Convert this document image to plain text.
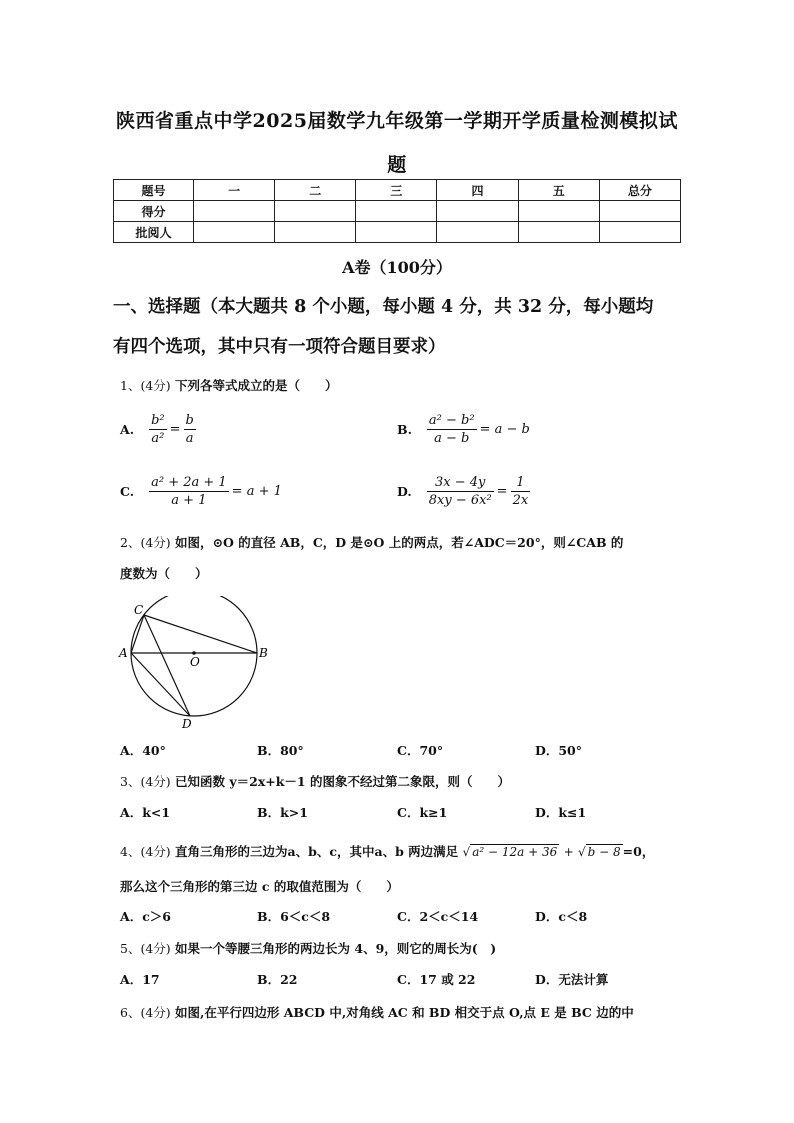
陕西省重点中学2025届数学九年级第一学期开学质量检测模拟试
题
题号	一	二	三	四	五	总分
得分						
批阅人						
A卷（100分）
一、选择题（本大题共 8 个小题，每小题 4 分，共 32 分，每小题均
有四个选项，其中只有一项符合题目要求）
1、(4分) 下列各等式成立的是（　　）
A. $\frac{\text{b²}}{\text{a²}} = \frac{b}{a}$	B. $\frac{\text{a² − b²}}{a - b} = a - b$
C. $\frac{\text{a² + 2a + 1}}{a + 1} = a + 1$	D. $\frac{3x - 4y}{\text{8xy − 6x²}} = \frac{1}{2x}$
2、(4分) 如图，⊙O 的直径 AB，C，D 是⊙O 上的两点，若∠ADC＝20°，则∠CAB 的
度数为（　　）
C
A
O
B
D
A．40°	B．80°	C．70°	D．50°
3、(4分) 已知函数 y＝2x+k－1 的图象不经过第二象限，则（　　）
A．k<1	B．k>1	C．k≥1	D．k≤1
4、(4分) 直角三角形的三边为a、b、c，其中a、b 两边满足 √ a² − 12a + 36 + √ b − 8 =0，
那么这个三角形的第三边 c 的取值范围为（　　）
A．c＞6	B．6＜c＜8	C．2＜c＜14	D．c＜8
5、(4分) 如果一个等腰三角形的两边长为 4、9，则它的周长为(　)
A．17	B．22	C．17 或 22	D．无法计算
6、(4分) 如图,在平行四边形 ABCD 中,对角线 AC 和 BD 相交于点 O,点 E 是 BC 边的中
